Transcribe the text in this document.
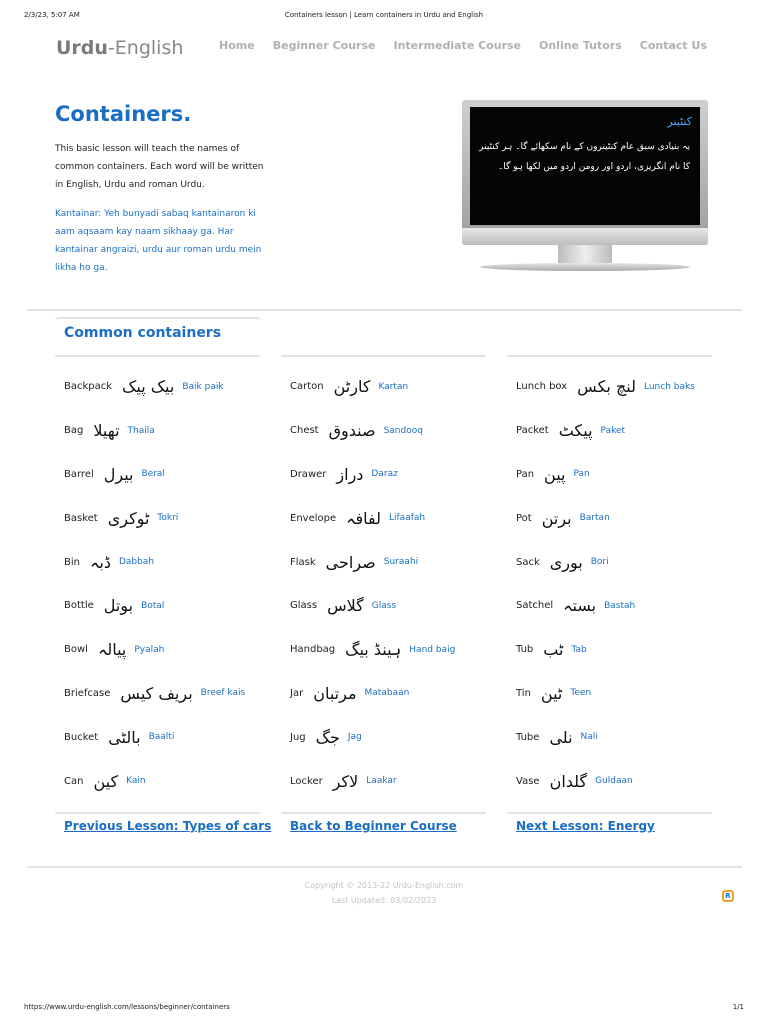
2/3/23, 5:07 AM	Containers lesson | Learn containers in Urdu and English
Urdu-English	Home Beginner Course Intermediate Course Online Tutors Contact Us
Containers.

This basic lesson will teach the names of common containers. Each word will be written in English, Urdu and roman Urdu.

Kantainar: Yeh bunyadi sabaq kantainaron ki aam aqsaam kay naam sikhaay ga. Har kantainar angraizi, urdu aur roman urdu mein likha ho ga.

کنٹینر
یہ بنیادی سبق عام کنٹینروں کے نام سکھائے گا۔ ہر کنٹینر کا نام انگریزی، اردو اور رومن اردو میں لکھا ہو گا۔
Common containers
Backpack بیک پیک Baik paik
Bag تھیلا Thaila
Barrel بیرل Beral
Basket ٹوکری Tokri
Bin ڈبہ Dabbah
Bottle بوتل Botal
Bowl پیالہ Pyalah
Briefcase بریف کیس Breef kais
Bucket بالٹی Baalti
Can کین Kain
Carton کارٹن Kartan
Chest صندوق Sandooq
Drawer دراز Daraz
Envelope لفافہ Lifaafah
Flask صراحی Suraahi
Glass گلاس Glass
Handbag ہینڈ بیگ Hand baig
Jar مرتبان Matabaan
Jug جگ Jag
Locker لاکر Laakar
Lunch box لنچ بکس Lunch baks
Packet پیکٹ Paket
Pan پین Pan
Pot برتن Bartan
Sack بوری Bori
Satchel بستہ Bastah
Tub ٹب Tab
Tin ٹین Teen
Tube نلی Nali
Vase گلدان Guldaan
Previous Lesson: Types of cars Back to Beginner Course	Next Lesson: Energy
Copyright © 2013-22 Urdu-English.com
Last Updated: 03/02/2023	R
https://www.urdu-english.com/lessons/beginner/containers	1/1
